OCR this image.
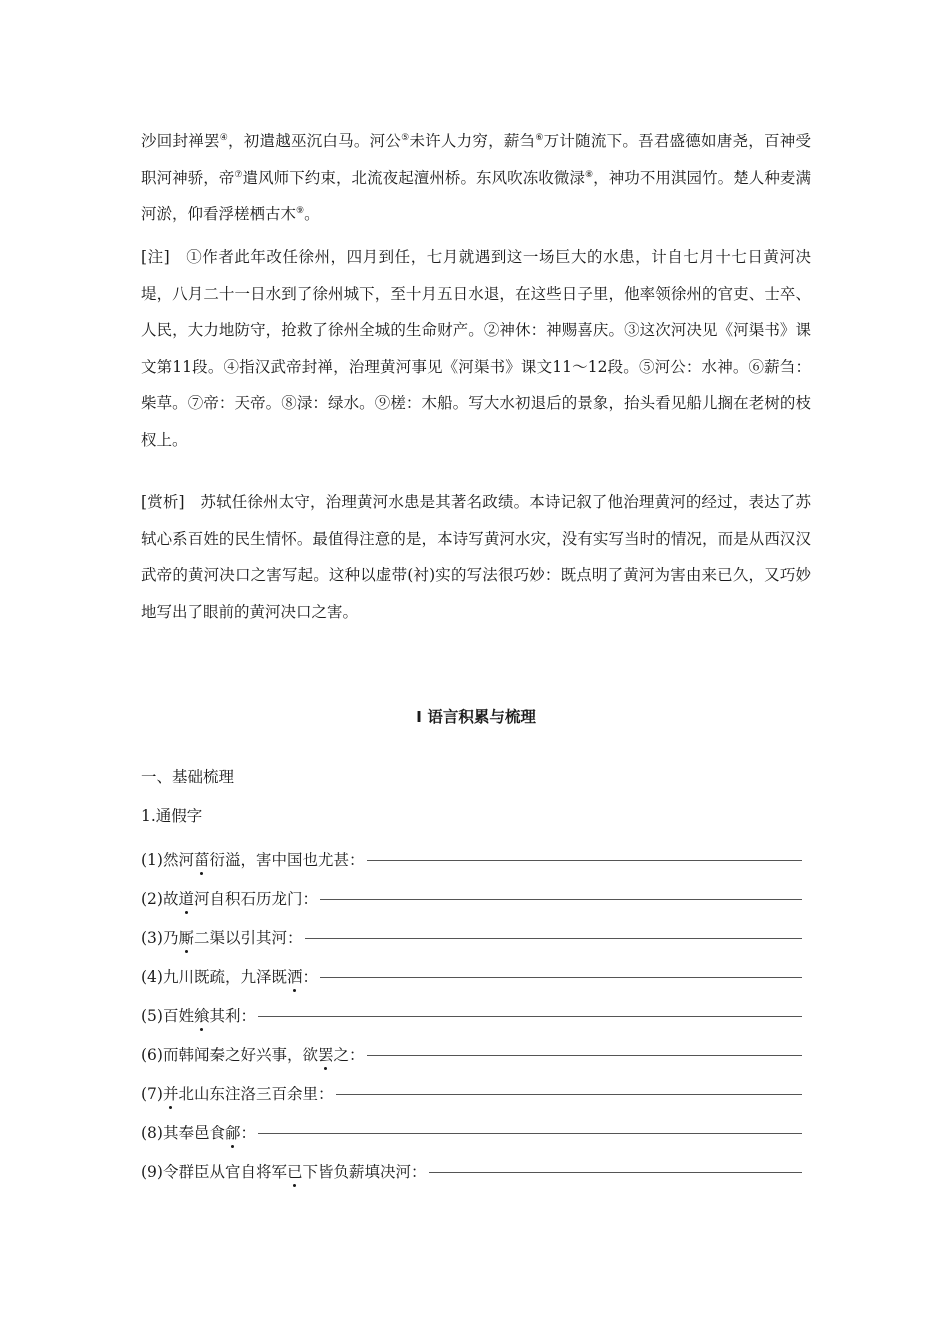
沙回封禅罢④，初遣越巫沉白马。河公⑤未许人力穷，薪刍⑥万计随流下。吾君盛德如唐尧，百神受职河神骄，帝⑦遣风师下约束，北流夜起澶州桥。东风吹冻收微渌⑧，神功不用淇园竹。楚人种麦满河淤，仰看浮槎栖古木⑨。

[注]　 ①作者此年改任徐州，四月到任，七月就遇到这一场巨大的水患，计自七月十七日黄河决堤，八月二十一日水到了徐州城下，至十月五日水退，在这些日子里，他率领徐州的官吏、士卒、人民，大力地防守，抢救了徐州全城的生命财产。②神休：神赐喜庆。③这次河决见《河渠书》课文第11段。④指汉武帝封禅，治理黄河事见《河渠书》课文11～12段。⑤河公：水神。⑥薪刍：柴草。⑦帝：天帝。⑧渌：绿水。⑨槎：木船。写大水初退后的景象，抬头看见船儿搁在老树的枝杈上。

[赏析]　 苏轼任徐州太守，治理黄河水患是其著名政绩。本诗记叙了他治理黄河的经过，表达了苏轼心系百姓的民生情怀。最值得注意的是，本诗写黄河水灾，没有实写当时的情况，而是从西汉汉武帝的黄河决口之害写起。这种以虚带(衬)实的写法很巧妙：既点明了黄河为害由来已久，又巧妙地写出了眼前的黄河决口之害。

Ⅰ 语言积累与梳理
一、基础梳理
1.通假字
(1)然河菑衍溢，害中国也尤甚：
(2)故道河自积石历龙门：
(3)乃厮二渠以引其河：
(4)九川既疏，九泽既洒：
(5)百姓飨其利：
(6)而韩闻秦之好兴事，欲罢之：
(7)并北山东注洛三百余里：
(8)其奉邑食鄃：
(9)令群臣从官自将军已下皆负薪填决河：
